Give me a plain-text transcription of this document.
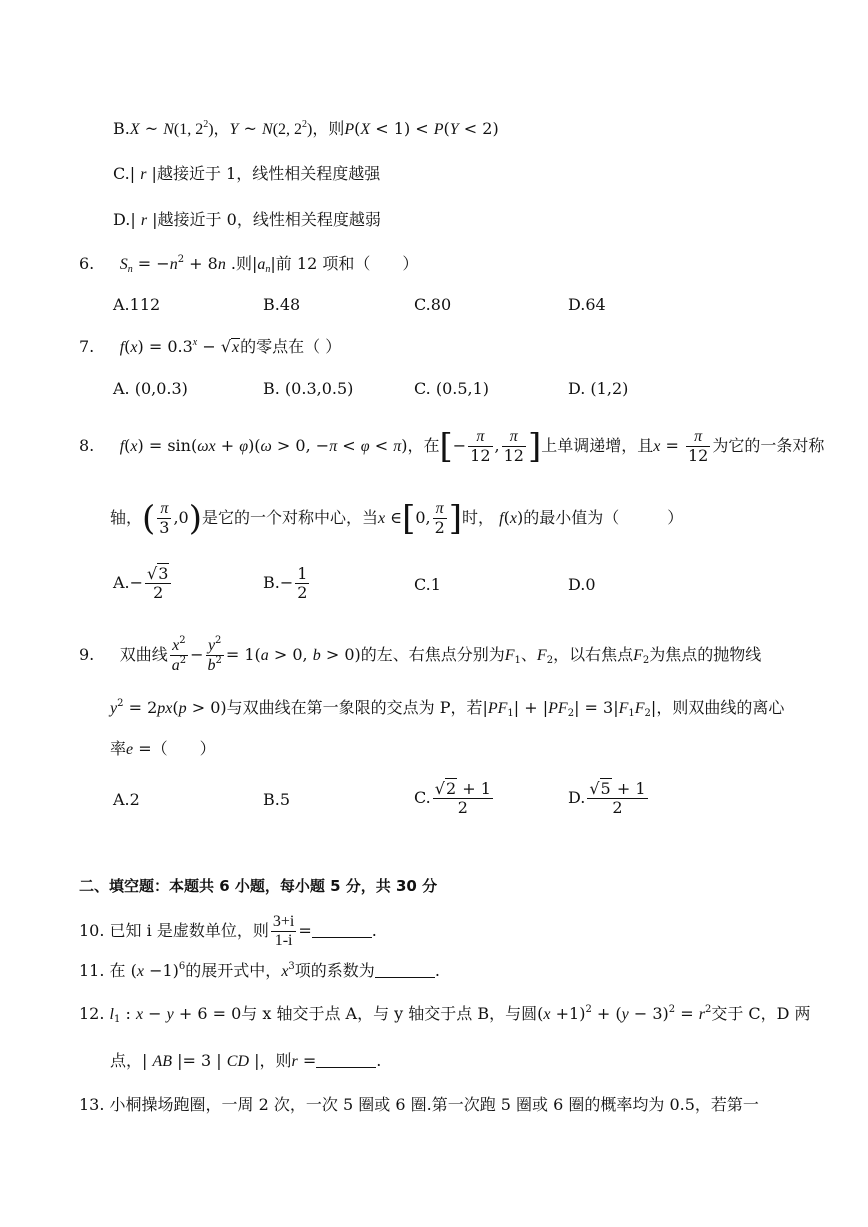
B.X ~ N(1, $2^2$)，Y ~ N(2, $2^2$)，则P(X < 1) < P(Y < 2)
C.| r |越接近于 1，线性相关程度越强
D.| r |越接近于 0，线性相关程度越弱
6. $S_n = -n^2 + 8n$ .则$|a_n|$前 12 项和（　　）
A.112	B.48	C.80	D.64
7. $f(x) = 0.3^x - √x$的零点在（ ）
A. (0,0.3)	B. (0.3,0.5)	C. (0.5,1)	D. (1,2)
8. f(x) = sin(ωx + φ)(ω > 0, −π < φ < π)，在[− $\frac{\pi}{12}$ , $\frac{\pi}{12}$ ]上单调递增，且$x = \frac{\pi}{12}$ 为它的一条对称
轴，( $\frac{\pi}{3} ,0$)是它的一个对称中心，当x ∈[0, $\frac{\pi}{2}$ ]时， f(x)的最小值为（　　　）
$A.- \frac{√3}{2}$	$B.- \frac{1}{2}$	C.1	D.0
9. 双曲线 $\frac{x^2}{a^2} - \frac{y^2}{b^2} = 1(a > 0$, b > 0)的左、右焦点分别为$F_1$、$F_2$，以右焦点$F_2$为焦点的抛物线
$y^2 = 2px(p > 0)$与双曲线在第一象限的交点为 P，若$|PF_1| + |PF_2| = 3|F_1F_2|$，则双曲线的离心
率e =（　　）
A.2	B.5	C. $\frac{√2 + 1}{2}$	D. $\frac{√5 + 1}{2}$
二、填空题：本题共 6 小题，每小题 5 分，共 30 分
10. 已知 i 是虚数单位，则 $\frac{3+i}{1-i}$ =	.
11. 在 $(x -1)^6$的展开式中，$x^3$项的系数为	.
12. $l_1$ : x − y + 6 = 0与 x 轴交于点 A，与 y 轴交于点 B，与圆$(x +1)^2 + (y - 3)^2 = r^2$交于 C，D 两
点，| AB |= 3 | CD |，则r =	.
13. 小桐操场跑圈，一周 2 次，一次 5 圈或 6 圈.第一次跑 5 圈或 6 圈的概率均为 0.5，若第一
